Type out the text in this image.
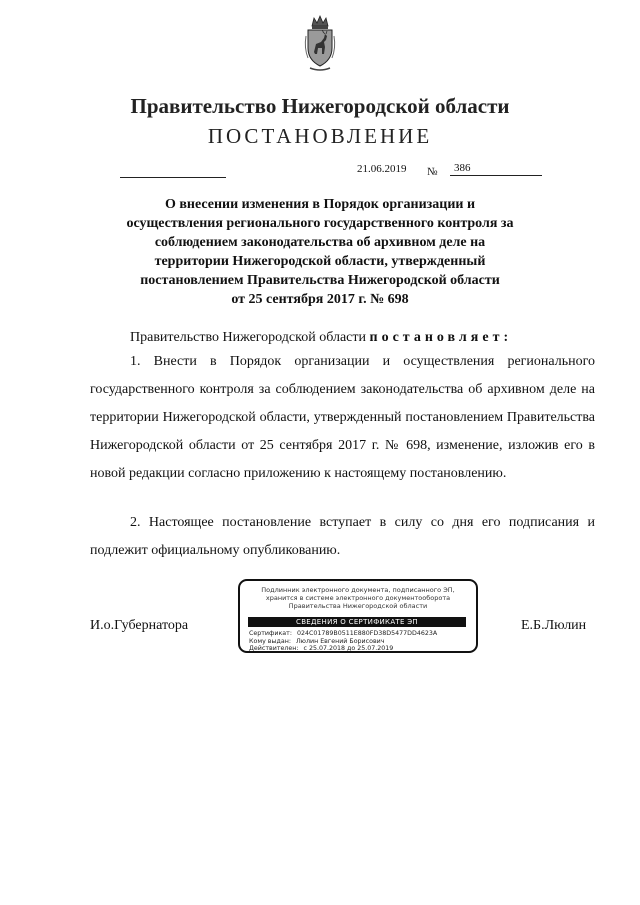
Правительство Нижегородской области
ПОСТАНОВЛЕНИЕ
21.06.2019 №	386
О внесении изменения в Порядок организации и
осуществления регионального государственного контроля за
соблюдением законодательства об архивном деле на
территории Нижегородской области, утвержденный
постановлением Правительства Нижегородской области
от 25 сентября 2017 г. № 698
Правительство Нижегородской области постановляет:
1. Внести в Порядок организации и осуществления регионального государственного контроля за соблюдением законодательства об архивном деле на территории Нижегородской области, утвержденный постановлением Правительства Нижегородской области от 25 сентября 2017 г. № 698, изменение, изложив его в новой редакции согласно приложению к настоящему постановлению.
2. Настоящее постановление вступает в силу со дня его подписания и подлежит официальному опубликованию.
И.о.Губернатора	Е.Б.Люлин
Подлинник электронного документа, подписанного ЭП,
хранится в системе электронного документооборота
Правительства Нижегородской области
СВЕДЕНИЯ О СЕРТИФИКАТЕ ЭП
Сертификат: 024C01789B0511E880FD38D5477DD4623A
Кому выдан: Люлин Евгений Борисович
Действителен: с 25.07.2018 до 25.07.2019
